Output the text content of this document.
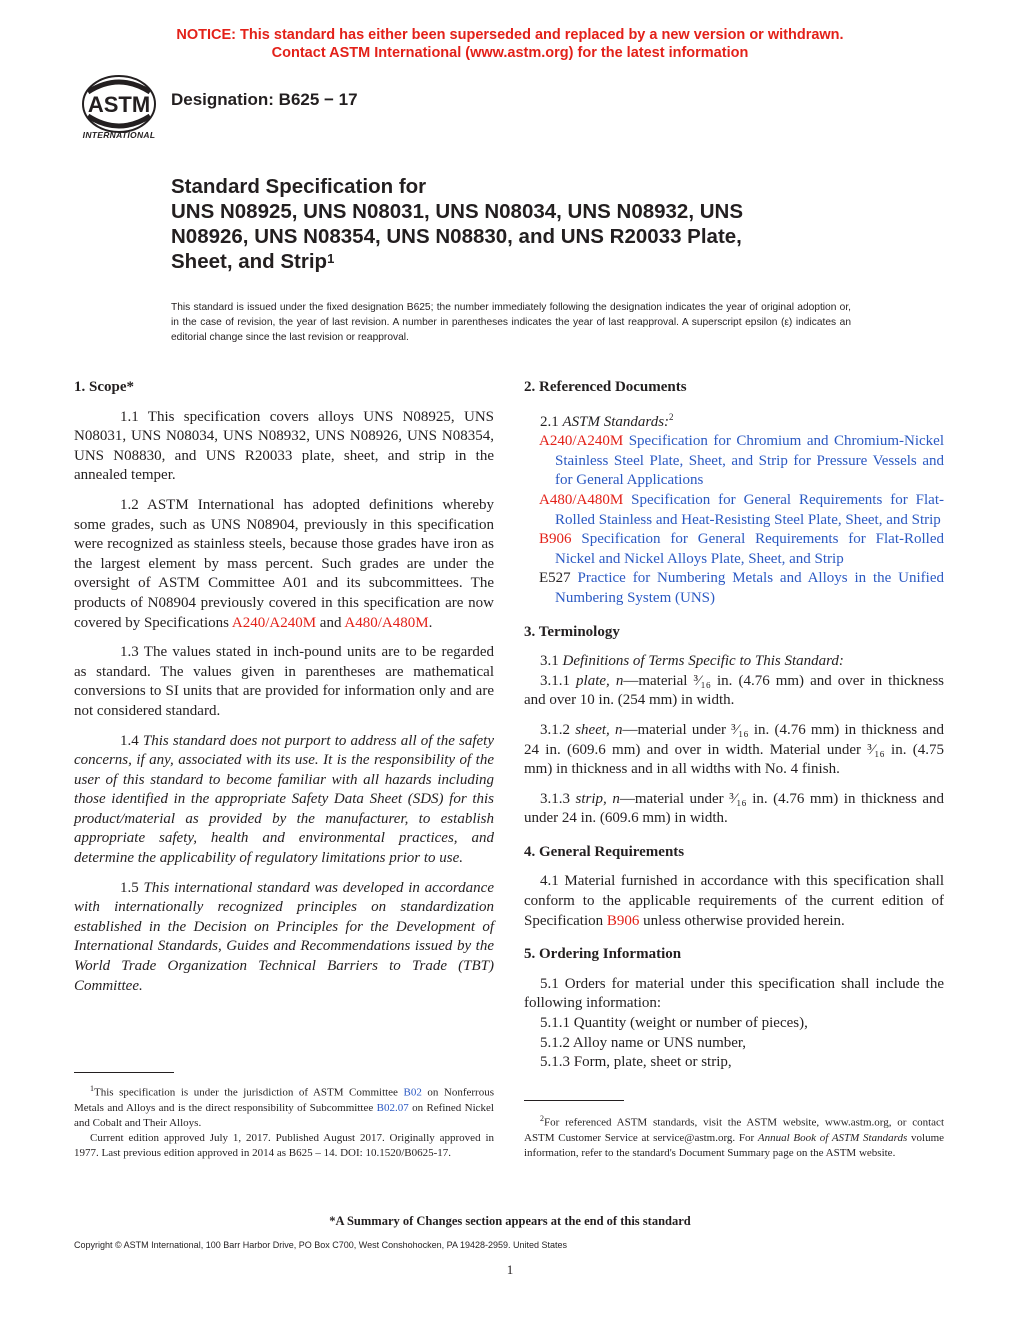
NOTICE: This standard has either been superseded and replaced by a new version or withdrawn.
Contact ASTM International (www.astm.org) for the latest information
ASTM
INTERNATIONAL
Designation: B625 − 17
Standard Specification for
UNS N08925, UNS N08031, UNS N08034, UNS N08932, UNS
N08926, UNS N08354, UNS N08830, and UNS R20033 Plate,
Sheet, and Strip$^1$
This standard is issued under the fixed designation B625; the number immediately following the designation indicates the year of original adoption or, in the case of revision, the year of last revision. A number in parentheses indicates the year of last reapproval. A superscript epsilon (ε) indicates an editorial change since the last revision or reapproval.
1. Scope*
1.1 This specification covers alloys UNS N08925, UNS N08031, UNS N08034, UNS N08932, UNS N08926, UNS N08354, UNS N08830, and UNS R20033 plate, sheet, and strip in the annealed temper.
1.2 ASTM International has adopted definitions whereby some grades, such as UNS N08904, previously in this specification were recognized as stainless steels, because those grades have iron as the largest element by mass percent. Such grades are under the oversight of ASTM Committee A01 and its subcommittees. The products of N08904 previously covered in this specification are now covered by Specifications A240/A240M and A480/A480M.
1.3 The values stated in inch-pound units are to be regarded as standard. The values given in parentheses are mathematical conversions to SI units that are provided for information only and are not considered standard.
1.4 This standard does not purport to address all of the safety concerns, if any, associated with its use. It is the responsibility of the user of this standard to become familiar with all hazards including those identified in the appropriate Safety Data Sheet (SDS) for this product/material as provided by the manufacturer, to establish appropriate safety, health and environmental practices, and determine the applicability of regulatory limitations prior to use.
1.5 This international standard was developed in accordance with internationally recognized principles on standardization established in the Decision on Principles for the Development of International Standards, Guides and Recommendations issued by the World Trade Organization Technical Barriers to Trade (TBT) Committee.
2. Referenced Documents
2.1 ASTM Standards:$^2$
A240/A240M Specification for Chromium and Chromium-Nickel Stainless Steel Plate, Sheet, and Strip for Pressure Vessels and for General Applications
A480/A480M Specification for General Requirements for Flat-Rolled Stainless and Heat-Resisting Steel Plate, Sheet, and Strip
B906 Specification for General Requirements for Flat-Rolled Nickel and Nickel Alloys Plate, Sheet, and Strip
E527 Practice for Numbering Metals and Alloys in the Unified Numbering System (UNS)
3. Terminology
3.1 Definitions of Terms Specific to This Standard:
3.1.1 plate, n—material ³⁄₁₆ in. (4.76 mm) and over in thickness and over 10 in. (254 mm) in width.
3.1.2 sheet, n—material under ³⁄₁₆ in. (4.76 mm) in thickness and 24 in. (609.6 mm) and over in width. Material under ³⁄₁₆ in. (4.75 mm) in thickness and in all widths with No. 4 finish.
3.1.3 strip, n—material under ³⁄₁₆ in. (4.76 mm) in thickness and under 24 in. (609.6 mm) in width.
4. General Requirements
4.1 Material furnished in accordance with this specification shall conform to the applicable requirements of the current edition of Specification B906 unless otherwise provided herein.
5. Ordering Information
5.1 Orders for material under this specification shall include the following information:
5.1.1 Quantity (weight or number of pieces),
5.1.2 Alloy name or UNS number,
5.1.3 Form, plate, sheet or strip,

$^1$This specification is under the jurisdiction of ASTM Committee B02 on Nonferrous Metals and Alloys and is the direct responsibility of Subcommittee B02.07 on Refined Nickel and Cobalt and Their Alloys.

Current edition approved July 1, 2017. Published August 2017. Originally approved in 1977. Last previous edition approved in 2014 as B625 – 14. DOI: 10.1520/B0625-17.

$^2$For referenced ASTM standards, visit the ASTM website, www.astm.org, or contact ASTM Customer Service at service@astm.org. For Annual Book of ASTM Standards volume information, refer to the standard's Document Summary page on the ASTM website.

*A Summary of Changes section appears at the end of this standard
Copyright © ASTM International, 100 Barr Harbor Drive, PO Box C700, West Conshohocken, PA 19428-2959. United States
1
